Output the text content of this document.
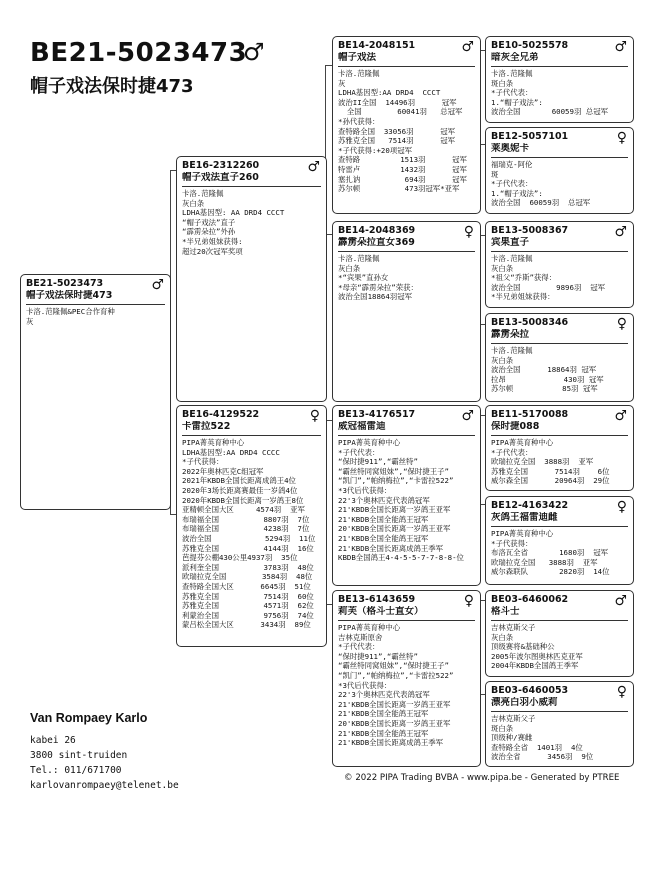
BE21-5023473
♂
帽子戏法保时捷473
BE21-5023473
帽子戏法保时捷473
♂
卡洛.范隆佩&PEC合作育种
灰
BE16-2312260
帽子戏法直子260
♂
卡洛.范隆佩
灰白条
LDHA基因型: AA DRD4 CCCT
“帽子戏法”直子
“霹雳朵拉”外孙
*半兄弟姐妹获得:
超过20次冠军奖项
BE16-4129522
卡雷拉522
♀
PIPA菁英育种中心
LDHA基因型:AA DRD4 CCCC
*子代获得：
2022年奥林匹克C组冠军
2021年KBDB全国长距离成鸽王4位
2020年3场长距离赛最佳一岁鸽4位
2020年KBDB全国长距离一岁鸽王8位
亚精顿全国大区     4574羽  亚军
布瑞福全国          8807羽  7位
布瑞福全国          4238羽  7位
波治全国            5294羽  11位
苏雅克全国          4144羽  16位
芭提芬公棚430公里4937羽  35位
派利奎全国          3783羽  48位
欧瑞拉克全国        3584羽  48位
查特路全国大区      6645羽  51位
苏雅克全国          7514羽  60位
苏雅克全国          4571羽  62位
利蒙治全国          9756羽  74位
蒙吕松全国大区      3434羽  89位
BE14-2048151
帽子戏法
♂
卡洛.范隆佩
灰
LDHA基因型:AA DRD4  CCCT
波治II全国  14496羽      冠军
全国        60041羽   总冠军
*孙代获得：
查特路全国  33056羽      冠军
苏雅克全国   7514羽      冠军
*子代获得:+20项冠军
查特路         1513羽      冠军
特雷卢         1432羽      冠军
塞扎讷          694羽      冠军
苏尔顿          473羽冠军*亚军
BE14-2048369
霹雳朵拉直女369
♀
卡洛.范隆佩
灰白条
*“宾果”直孙女
*母亲“霹雳朵拉”荣获：
波治全国18864羽冠军
BE13-4176517
威冠福雷迪
♂
PIPA菁英育种中心
*子代代表：
“保时捷911”,“霸丝特”
“霸丝特同窝姐妹”,“保时捷王子”
“凯门”,“帕纳梅拉”,“卡雷拉522”
*3代后代获得：
22'3个奥林匹克代表鸽冠军
21'KBDB全国长距离一岁鸽王亚军
21'KBDB全国全能鸽王冠军
20'KBDB全国长距离一岁鸽王亚军
21'KBDB全国全能鸽王冠军
21'KBDB全国长距离成鸽王季军
KBDB全国鸽王4-4-5-5-7-7-8-8-位
BE13-6143659
莉芙（格斗士直女）
♀
PIPA菁英育种中心
吉林克斯原舍
*子代代表：
“保时捷911”,“霸丝特”
“霸丝特同窝姐妹”,“保时捷王子”
“凯门”,“帕纳梅拉”,“卡雷拉522”
*3代后代获得：
22'3个奥林匹克代表鸽冠军
21'KBDB全国长距离一岁鸽王亚军
21'KBDB全国全能鸽王冠军
20'KBDB全国长距离一岁鸽王亚军
21'KBDB全国全能鸽王冠军
21'KBDB全国长距离成鸽王季军
BE10-5025578
暗灰全兄弟
♂
卡洛.范隆佩
斑白条
*子代代表：
1.“帽子戏法”:
波治全国       60059羽 总冠军
BE12-5057101
莱奥妮卡
♀
福瑞克-阿伦
斑
*子代代表：
1.“帽子戏法”:
波治全国  60059羽  总冠军
BE13-5008367
宾果直子
♂
卡洛.范隆佩
灰白条
*祖父“乔斯”获得：
波治全国        9896羽  冠军
*半兄弟姐妹获得：
BE13-5008346
霹雳朵拉
♀
卡洛.范隆佩
灰白条
波治全国      18864羽 冠军
拉昂             430羽 冠军
苏尔顿           85羽 冠军
BE11-5170088
保时捷088
♂
PIPA菁英育种中心
*子代代表：
欧瑞拉克全国  3888羽  亚军
苏雅克全国      7514羽    6位
威尔森全国      20964羽  29位
BE12-4163422
灰鸽王福雷迪雌
♀
PIPA菁英育种中心
*子代获得：
布洛瓦全省       1680羽  冠军
欧瑞拉克全国   3888羽  亚军
威尔森联队       2820羽  14位
BE03-6460062
格斗士
♂
吉林克斯父子
灰白条
顶级赛将&基础种公
2005年波尔图奥林匹克亚军
2004年KBDB全国鸽王季军
BE03-6460053
漂亮白羽小威莉
♀
吉林克斯父子
斑白条
顶级种/赛雌
查特路全省  1401羽  4位
波治全省      3456羽  9位
Van Rompaey Karlo
kabei 26
3800 sint-truiden
Tel.: 011/671700
karlovanrompaey@telenet.be
© 2022 PIPA Trading BVBA - www.pipa.be - Generated by PTREE
